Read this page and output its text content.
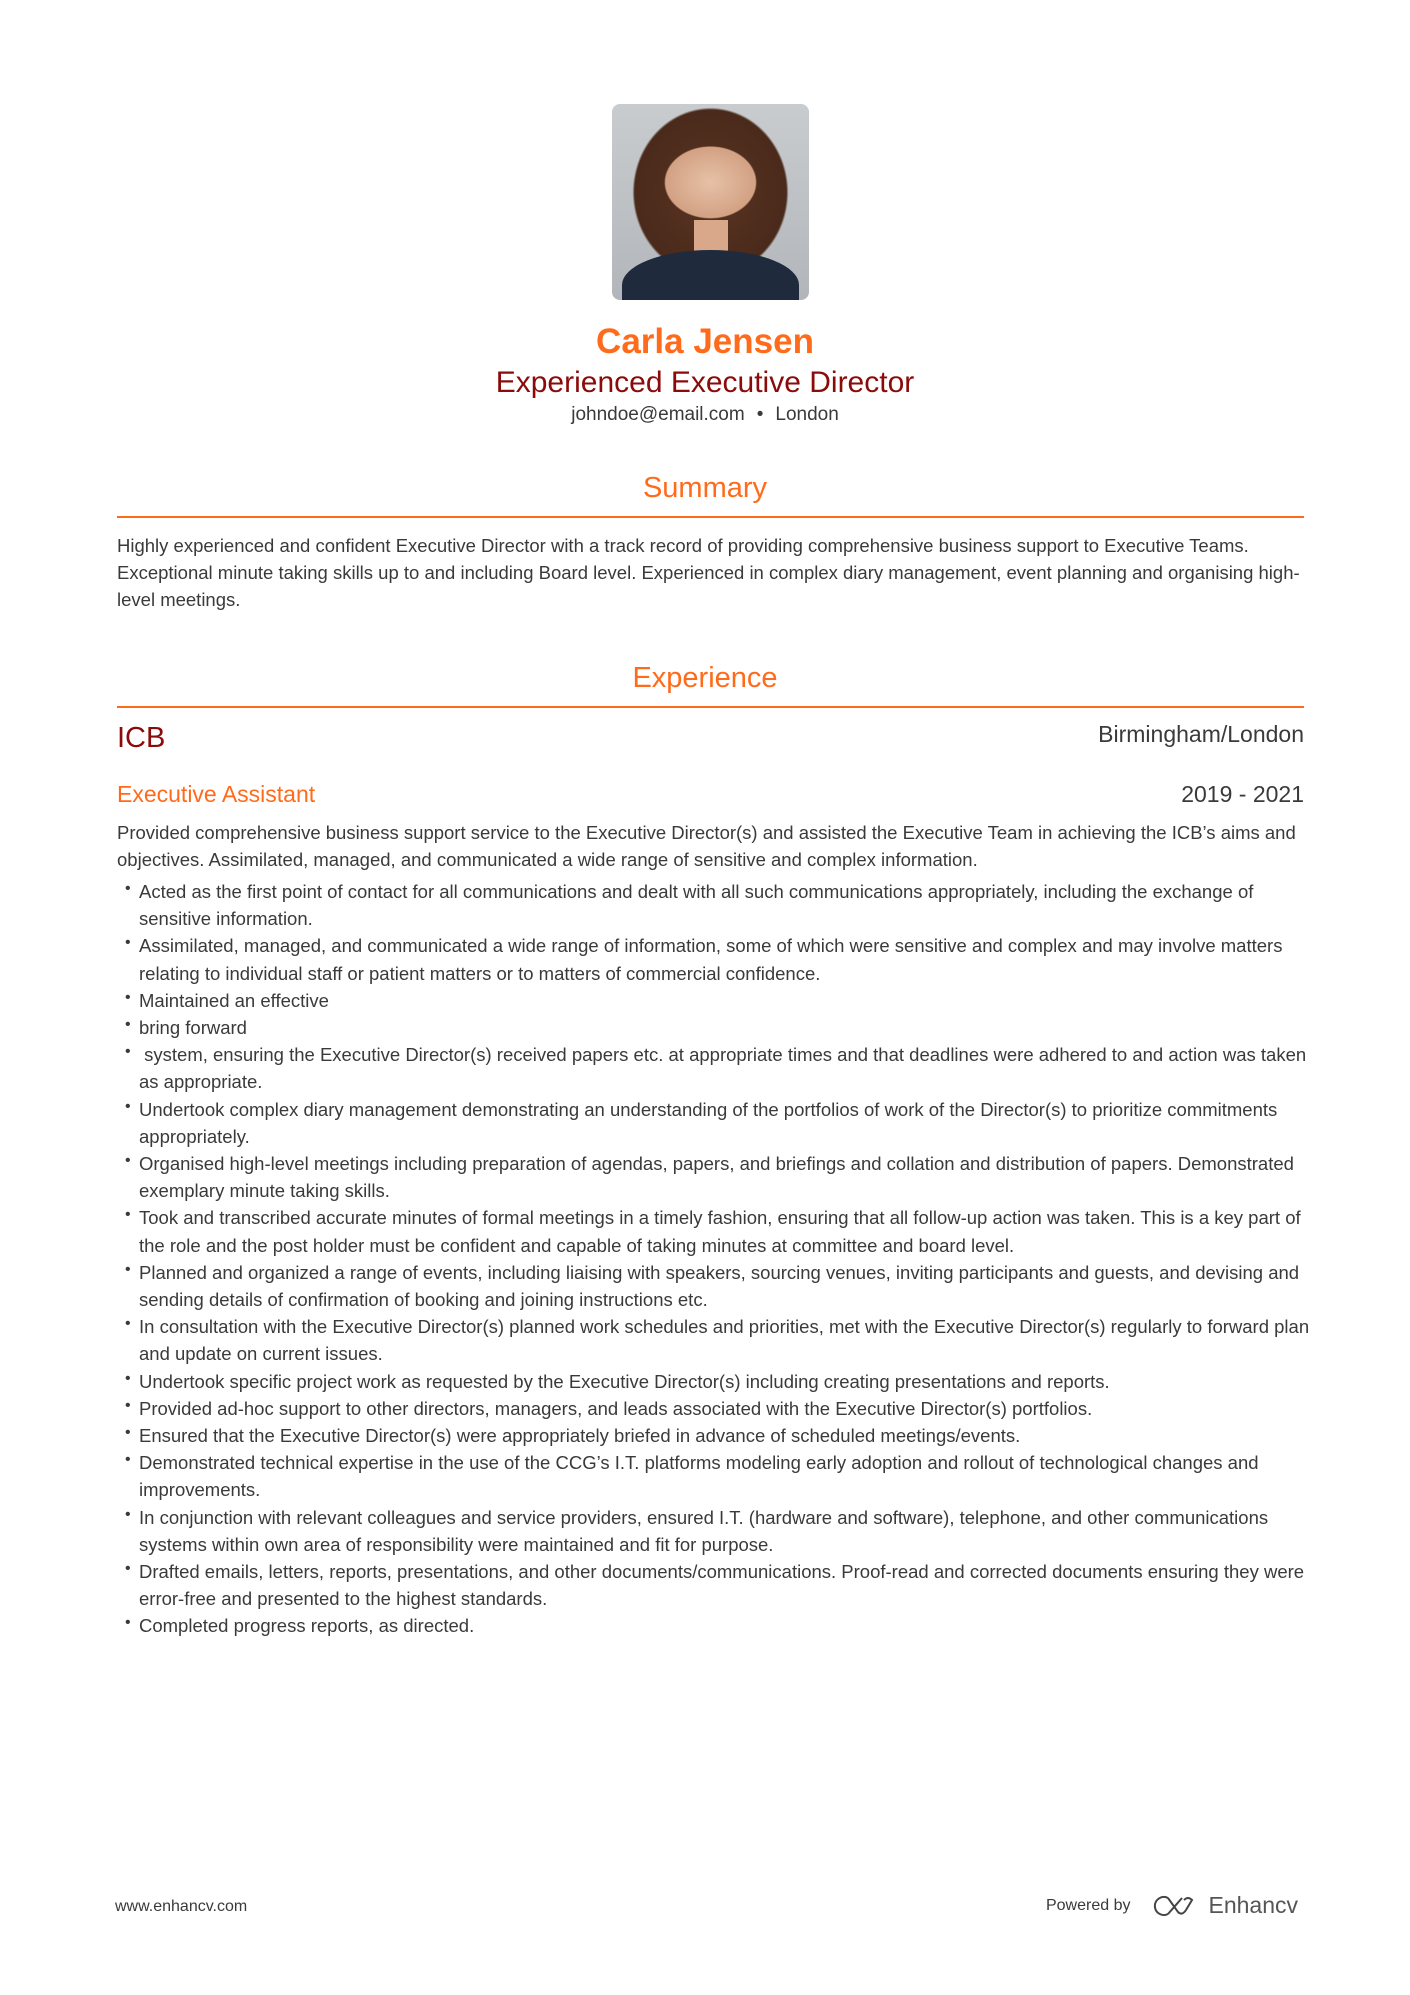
Carla Jensen
Experienced Executive Director
johndoe@email.com • London
Summary
Highly experienced and confident Executive Director with a track record of providing comprehensive business support to Executive Teams. Exceptional minute taking skills up to and including Board level. Experienced in complex diary management, event planning and organising high-level meetings.
Experience
ICB	Birmingham/London
Executive Assistant	2019 - 2021
Provided comprehensive business support service to the Executive Director(s) and assisted the Executive Team in achieving the ICB’s aims and objectives. Assimilated, managed, and communicated a wide range of sensitive and complex information.
• Acted as the first point of contact for all communications and dealt with all such communications appropriately, including the exchange of sensitive information.
• Assimilated, managed, and communicated a wide range of information, some of which were sensitive and complex and may involve matters relating to individual staff or patient matters or to matters of commercial confidence.
• Maintained an effective
• bring forward
• system, ensuring the Executive Director(s) received papers etc. at appropriate times and that deadlines were adhered to and action was taken as appropriate.
• Undertook complex diary management demonstrating an understanding of the portfolios of work of the Director(s) to prioritize commitments appropriately.
• Organised high-level meetings including preparation of agendas, papers, and briefings and collation and distribution of papers. Demonstrated exemplary minute taking skills.
• Took and transcribed accurate minutes of formal meetings in a timely fashion, ensuring that all follow-up action was taken. This is a key part of the role and the post holder must be confident and capable of taking minutes at committee and board level.
• Planned and organized a range of events, including liaising with speakers, sourcing venues, inviting participants and guests, and devising and sending details of confirmation of booking and joining instructions etc.
• In consultation with the Executive Director(s) planned work schedules and priorities, met with the Executive Director(s) regularly to forward plan and update on current issues.
• Undertook specific project work as requested by the Executive Director(s) including creating presentations and reports.
• Provided ad-hoc support to other directors, managers, and leads associated with the Executive Director(s) portfolios.
• Ensured that the Executive Director(s) were appropriately briefed in advance of scheduled meetings/events.
• Demonstrated technical expertise in the use of the CCG’s I.T. platforms modeling early adoption and rollout of technological changes and improvements.
• In conjunction with relevant colleagues and service providers, ensured I.T. (hardware and software), telephone, and other communications systems within own area of responsibility were maintained and fit for purpose.
• Drafted emails, letters, reports, presentations, and other documents/communications. Proof-read and corrected documents ensuring they were error-free and presented to the highest standards.
• Completed progress reports, as directed.
www.enhancv.com	Powered by	Enhancv
